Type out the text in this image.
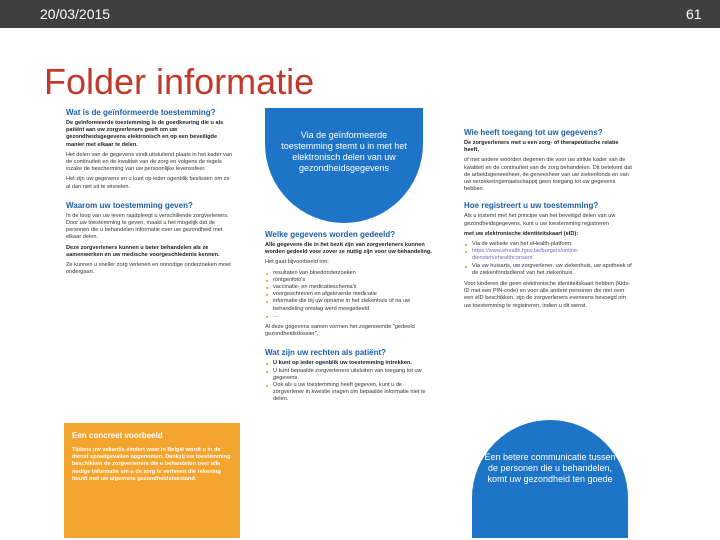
20/03/2015	61
Folder informatie
Wat is de geïnformeerde toestemming?
De geïnformeerde toestemming is de goedkeuring die u als patiënt aan uw zorgverleners geeft om uw gezondheidsgegevens elektronisch en op een beveiligde manier met elkaar te delen.
Het delen van de gegevens vindt uitsluitend plaats in het kader van de continuïteit en de kwaliteit van de zorg en volgens de regels inzake de bescherming van uw persoonlijke levenssfeer.
Het zijn uw gegevens en u kunt op ieder ogenblik beslissen om ze al dan niet uit te wisselen.
Waarom uw toestemming geven?
In de loop van uw leven raadpleegt u verschillende zorgverleners. Door uw toestemming te geven, maakt u het mogelijk dat de personen die u behandelen informatie over uw gezondheid met elkaar delen.
Deze zorgverleners kunnen u beter behandelen als ze samenwerken en uw medische voorgeschiedenis kennen.
Ze kunnen u sneller zorg verlenen en onnodige onderzoeken moet ondergaan.
Een concreet voorbeeld
Tijdens uw vakantie eindert waar in België wordt u in de dienst spoedgevallen opgenomen. Dankzij uw toestemming beschikken de zorgverleners die u behandelen over alle nodige informatie om u de zorg te verlenen die rekening houdt met uw algemene gezondheidstoestand.
Via de geïnformeerde toestemming stemt u in met het elektronisch delen van uw gezondheidsgegevens
Welke gegevens worden gedeeld?
Alle gegevens die in het bezit zijn van zorgverleners kunnen worden gedeeld voor zover ze nuttig zijn voor uw behandeling.
Het gaat bijvoorbeeld om:
■ resultaten van bloedonderzoeken
■ röntgenfoto's
■ vaccinatie- en medicatieschema's
■ voorgeschreven en afgeleverde medicatie
■ informatie die bij uw opname in het ziekenhuis of na uw behandeling ontslag werd meegedeeld
■ ...
Al deze gegevens samen vormen het zogenoemde "gedeeld gezondheidsdossier".
Wat zijn uw rechten als patiënt?
■ U kunt op ieder ogenblik uw toestemming intrekken.
■ U kunt bepaalde zorgverleners uitsluiten van toegang tot uw gegevens.
■ Ook als u uw toestemming heeft gegeven, kunt u de zorgverlener in kwestie vragen om bepaalde informatie niet te delen.
Wie heeft toegang tot uw gegevens?
De zorgverleners met u een zorg- of therapeutische relatie heeft,
of met andere woorden degenen die voor uw strikte kader van de kwaliteit en de continuïteit van de zorg behandelen. Dit betekent dat de arbeidsgeneesheer, de geneesheer van uw ziekenfonds en van uw verzekeringsmaatschappij geen toegang tot uw gegevens hebben.
Hoe registreert u uw toestemming?
Als u instemt met het principe van het beveiligd delen van uw gezondheidsgegevens, kunt u uw toestemming registreren
met uw elektronische identiteitskaart (eID):
■ Via de website van het eHealth-platform:
■ https://www.ehealth.fgov.be/burgers/online-diensten/ehealthconsent
■ Via uw huisarts, uw zorgverlener, uw ziekenhuis, uw apotheek of de ziekenfondsdienst van het ziekenhuis.
Voor kinderen die geen elektronische identiteitskaart hebben (Kids-ID met een PIN-code) en voor alle andere personen die niet over een eID beschikken, zijn de zorgverleners eveneens bevoegd om uw toestemming te registreren, indien u dit wenst.
Een betere communicatie tussen de personen die u behandelen, komt uw gezondheid ten goede
